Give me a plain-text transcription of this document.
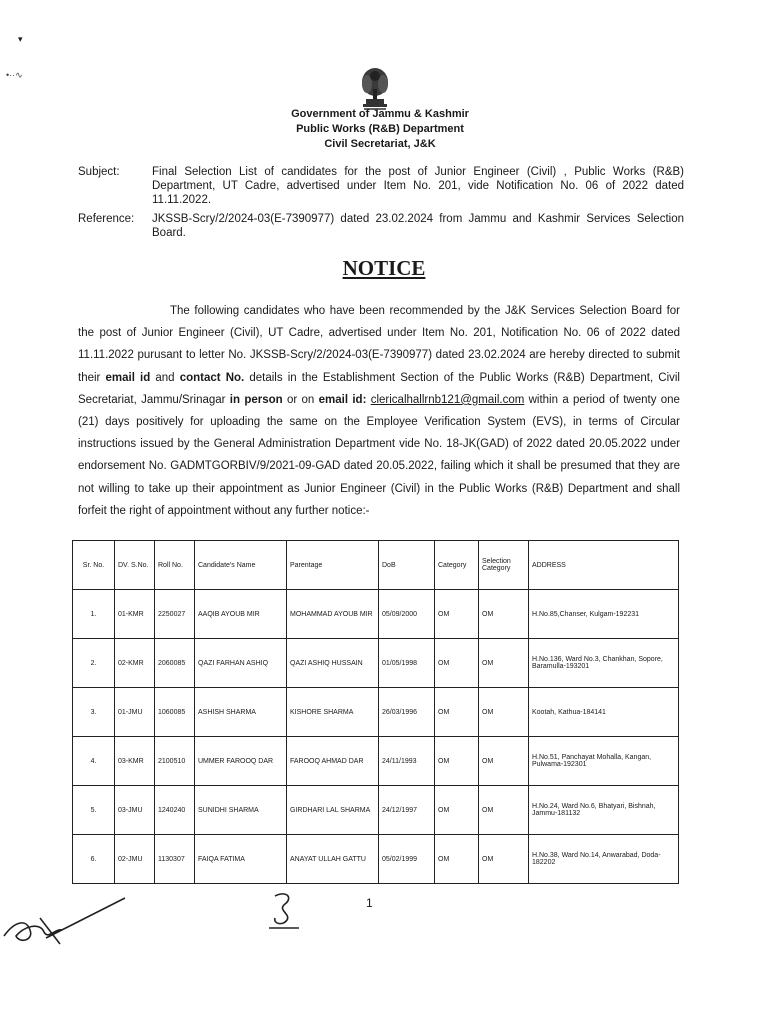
▾
•··∿
Government of Jammu & Kashmir
Public Works (R&B) Department
Civil Secretariat, J&K
Subject:	Final Selection List of candidates for the post of Junior Engineer (Civil) , Public Works (R&B) Department, UT Cadre, advertised under Item No. 201, vide Notification No. 06 of 2022 dated 11.11.2022.
Reference: JKSSB-Scry/2/2024-03(E-7390977) dated 23.02.2024 from Jammu and Kashmir Services Selection Board.
NOTICE
The following candidates who have been recommended by the J&K Services Selection Board for the post of Junior Engineer (Civil), UT Cadre, advertised under Item No. 201, Notification No. 06 of 2022 dated 11.11.2022 purusant to letter No. JKSSB-Scry/2/2024-03(E-7390977) dated 23.02.2024 are hereby directed to submit their email id and contact No. details in the Establishment Section of the Public Works (R&B) Department, Civil Secretariat, Jammu/Srinagar in person or on email id: clericalhallrnb121@gmail.com within a period of twenty one (21) days positively for uploading the same on the Employee Verification System (EVS), in terms of Circular instructions issued by the General Administration Department vide No. 18-JK(GAD) of 2022 dated 20.05.2022 under endorsement No. GADMTGORBIV/9/2021-09-GAD dated 20.05.2022, failing which it shall be presumed that they are not willing to take up their appointment as Junior Engineer (Civil) in the Public Works (R&B) Department and shall forfeit the right of appointment without any further notice:-
Sr. No.	DV. S.No.	Roll No.	Candidate's Name	Parentage	DoB	Category	Selection Category	ADDRESS
1.	01-KMR	2250027	AAQIB AYOUB MIR	MOHAMMAD AYOUB MIR	05/09/2000	OM	OM	H.No.85,Chanser, Kulgam-192231
2.	02-KMR	2060085	QAZI FARHAN ASHIQ	QAZI ASHIQ HUSSAIN	01/05/1998	OM	OM	H.No.136, Ward No.3, Chankhan, Sopore, Baramulla-193201
3.	01-JMU	1060085	ASHISH SHARMA	KISHORE SHARMA	26/03/1996	OM	OM	Kootah, Kathua-184141
4.	03-KMR	2100510	UMMER FAROOQ DAR	FAROOQ AHMAD DAR	24/11/1993	OM	OM	H.No.51, Panchayat Mohalla, Kangan, Pulwama-192301
5.	03-JMU	1240240	SUNIDHI SHARMA	GIRDHARI LAL SHARMA	24/12/1997	OM	OM	H.No.24, Ward No.6, Bhatyari, Bishnah, Jammu-181132
6.	02-JMU	1130307	FAIQA FATIMA	ANAYAT ULLAH GATTU	05/02/1999	OM	OM	H.No.38, Ward No.14, Anwarabad, Doda-182202
1
